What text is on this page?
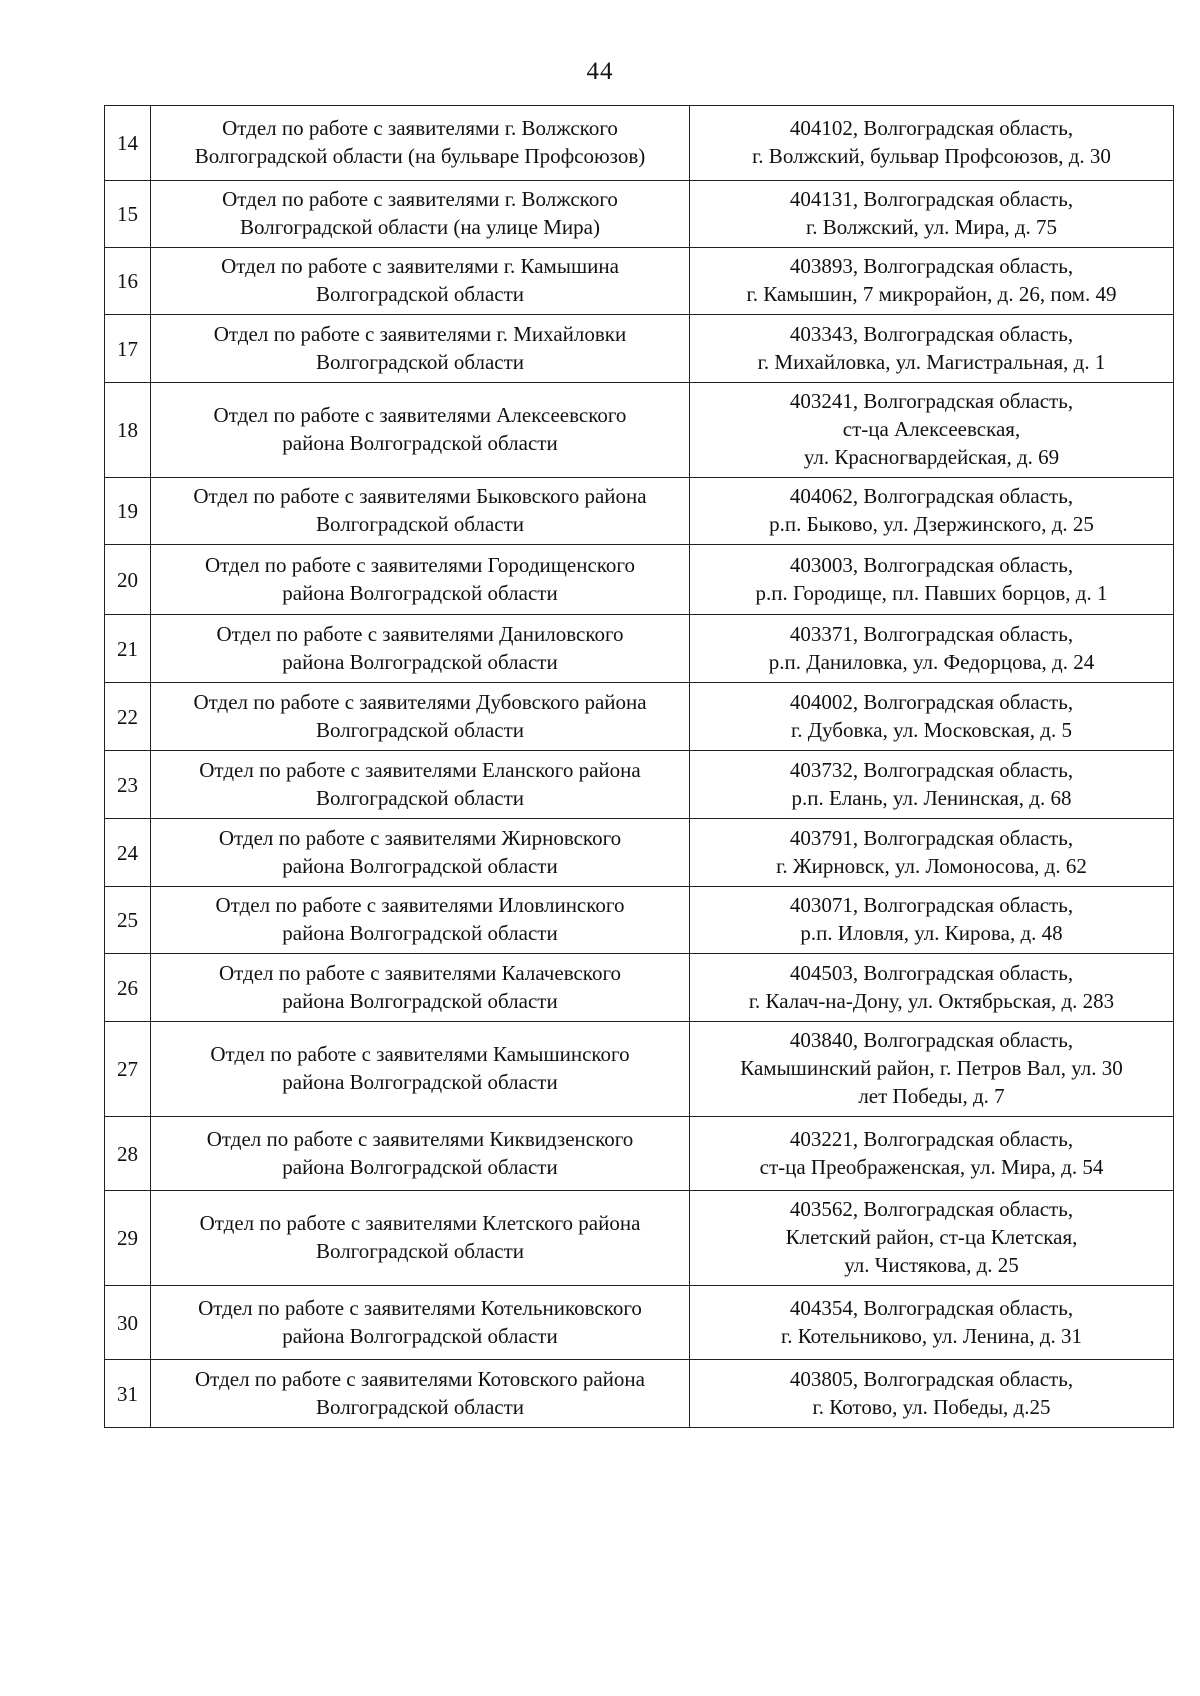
44
14	Отдел по работе с заявителями г. Волжского
Волгоградской области (на бульваре Профсоюзов)	404102, Волгоградская область,
г. Волжский, бульвар Профсоюзов, д. 30

15	Отдел по работе с заявителями г. Волжского
Волгоградской области (на улице Мира)	404131, Волгоградская область,
г. Волжский, ул. Мира, д. 75

16	Отдел по работе с заявителями г. Камышина
Волгоградской области	403893, Волгоградская область,
г. Камышин, 7 микрорайон, д. 26, пом. 49

17	Отдел по работе с заявителями г. Михайловки
Волгоградской области	403343, Волгоградская область,
г. Михайловка, ул. Магистральная, д. 1

18	Отдел по работе с заявителями Алексеевского
района Волгоградской области	403241, Волгоградская область,
ст-ца Алексеевская,
ул. Красногвардейская, д. 69

19	Отдел по работе с заявителями Быковского района
Волгоградской области	404062, Волгоградская область,
р.п. Быково, ул. Дзержинского, д. 25

20	Отдел по работе с заявителями Городищенского
района Волгоградской области	403003, Волгоградская область,
р.п. Городище, пл. Павших борцов, д. 1

21	Отдел по работе с заявителями Даниловского
района Волгоградской области	403371, Волгоградская область,
р.п. Даниловка, ул. Федорцова, д. 24

22	Отдел по работе с заявителями Дубовского района
Волгоградской области	404002, Волгоградская область,
г. Дубовка, ул. Московская, д. 5

23	Отдел по работе с заявителями Еланского района
Волгоградской области	403732, Волгоградская область,
р.п. Елань, ул. Ленинская, д. 68

24	Отдел по работе с заявителями Жирновского
района Волгоградской области	403791, Волгоградская область,
г. Жирновск, ул. Ломоносова, д. 62

25	Отдел по работе с заявителями Иловлинского
района Волгоградской области	403071, Волгоградская область,
р.п. Иловля, ул. Кирова, д. 48

26	Отдел по работе с заявителями Калачевского
района Волгоградской области	404503, Волгоградская область,
г. Калач-на-Дону, ул. Октябрьская, д. 283

27	Отдел по работе с заявителями Камышинского
района Волгоградской области	403840, Волгоградская область,
Камышинский район, г. Петров Вал, ул. 30
лет Победы, д. 7

28	Отдел по работе с заявителями Киквидзенского
района Волгоградской области	403221, Волгоградская область,
ст-ца Преображенская, ул. Мира, д. 54

29	Отдел по работе с заявителями Клетского района
Волгоградской области	403562, Волгоградская область,
Клетский район, ст-ца Клетская,
ул. Чистякова, д. 25

30	Отдел по работе с заявителями Котельниковского
района Волгоградской области	404354, Волгоградская область,
г. Котельниково, ул. Ленина, д. 31

31	Отдел по работе с заявителями Котовского района
Волгоградской области	403805, Волгоградская область,
г. Котово, ул. Победы, д.25
